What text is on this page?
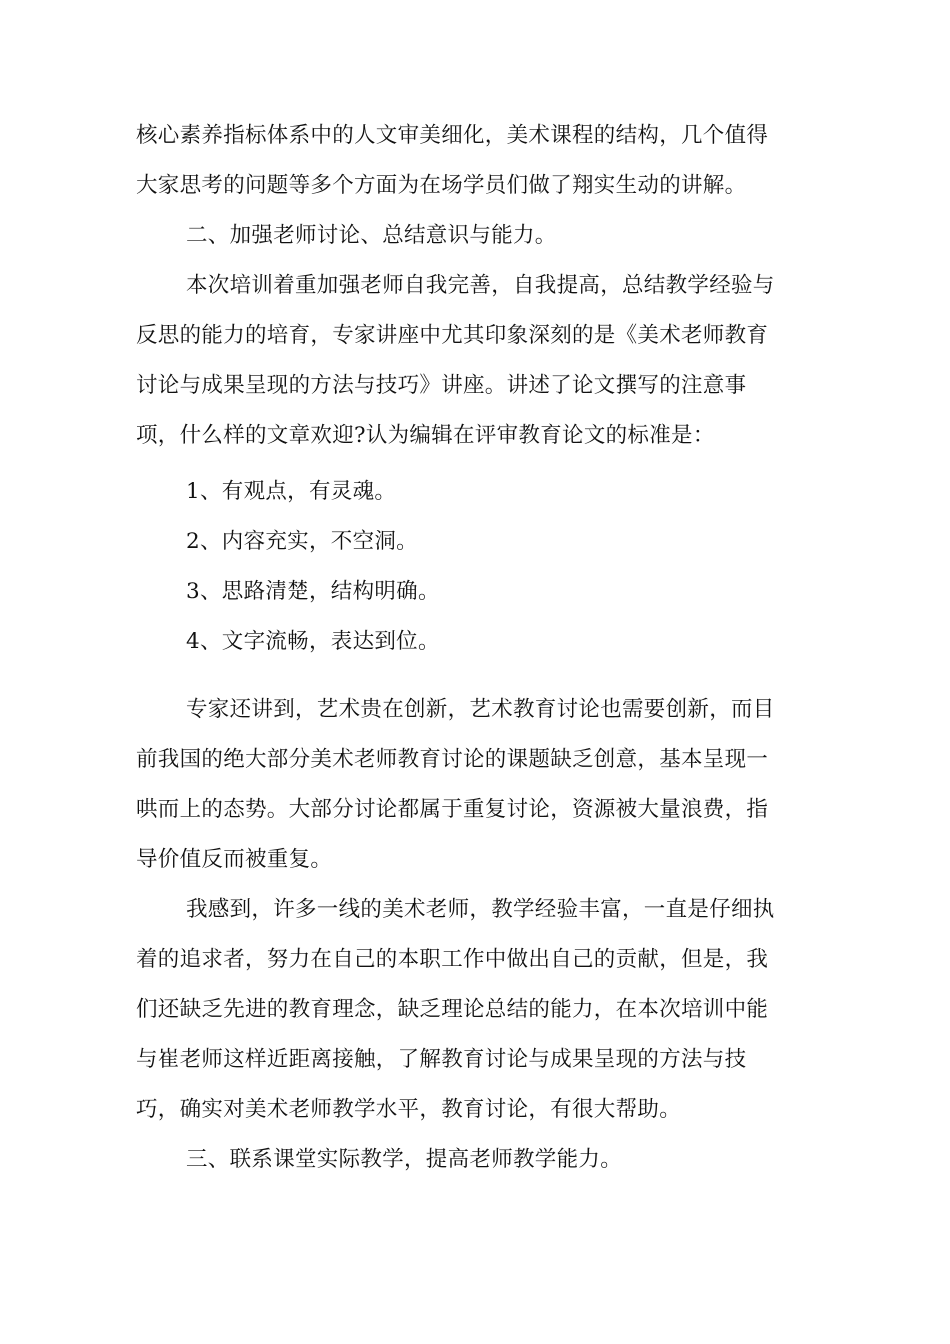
核心素养指标体系中的人文审美细化，美术课程的结构，几个值得
大家思考的问题等多个方面为在场学员们做了翔实生动的讲解。
二、加强老师讨论、总结意识与能力。
本次培训着重加强老师自我完善，自我提高，总结教学经验与
反思的能力的培育，专家讲座中尤其印象深刻的是《美术老师教育
讨论与成果呈现的方法与技巧》讲座。讲述了论文撰写的注意事
项，什么样的文章欢迎?认为编辑在评审教育论文的标准是：
1、有观点，有灵魂。
2、内容充实，不空洞。
3、思路清楚，结构明确。
4、文字流畅，表达到位。
专家还讲到，艺术贵在创新，艺术教育讨论也需要创新，而目
前我国的绝大部分美术老师教育讨论的课题缺乏创意，基本呈现一
哄而上的态势。大部分讨论都属于重复讨论，资源被大量浪费，指
导价值反而被重复。
我感到，许多一线的美术老师，教学经验丰富，一直是仔细执
着的追求者，努力在自己的本职工作中做出自己的贡献，但是，我
们还缺乏先进的教育理念，缺乏理论总结的能力，在本次培训中能
与崔老师这样近距离接触，了解教育讨论与成果呈现的方法与技
巧，确实对美术老师教学水平，教育讨论，有很大帮助。
三、联系课堂实际教学，提高老师教学能力。
